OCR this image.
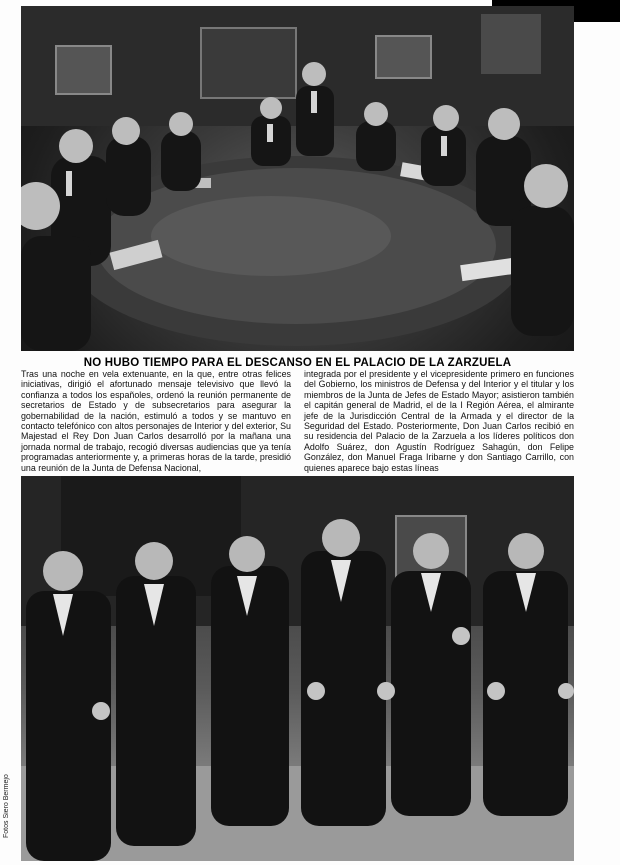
NO HUBO TIEMPO PARA EL DESCANSO EN EL PALACIO DE LA ZARZUELA
Tras una noche en vela extenuante, en la que, entre otras felices iniciativas, dirigió el afortunado mensaje televisivo que llevó la confianza a todos los españoles, ordenó la reunión permanente de secretarios de Estado y de subsecretarios para asegurar la gobernabilidad de la nación, estimuló a todos y se mantuvo en contacto telefónico con altos personajes de Interior y del exterior, Su Majestad el Rey Don Juan Carlos desarrolló por la mañana una jornada normal de trabajo, recogió diversas audiencias que ya tenía programadas anteriormente y, a primeras horas de la tarde, presidió una reunión de la Junta de Defensa Nacional,
integrada por el presidente y el vicepresidente primero en funciones del Gobierno, los ministros de Defensa y del Interior y el titular y los miembros de la Junta de Jefes de Estado Mayor; asistieron también el capitán general de Madrid, el de la I Región Aérea, el almirante jefe de la Jurisdicción Central de la Armada y el director de la Seguridad del Estado. Posteriormente, Don Juan Carlos recibió en su residencia del Palacio de la Zarzuela a los líderes políticos don Adolfo Suárez, don Agustín Rodríguez Sahagún, don Felipe González, don Manuel Fraga Iribarne y don Santiago Carrillo, con quienes aparece bajo estas líneas
Fotos Siero Bermejo
